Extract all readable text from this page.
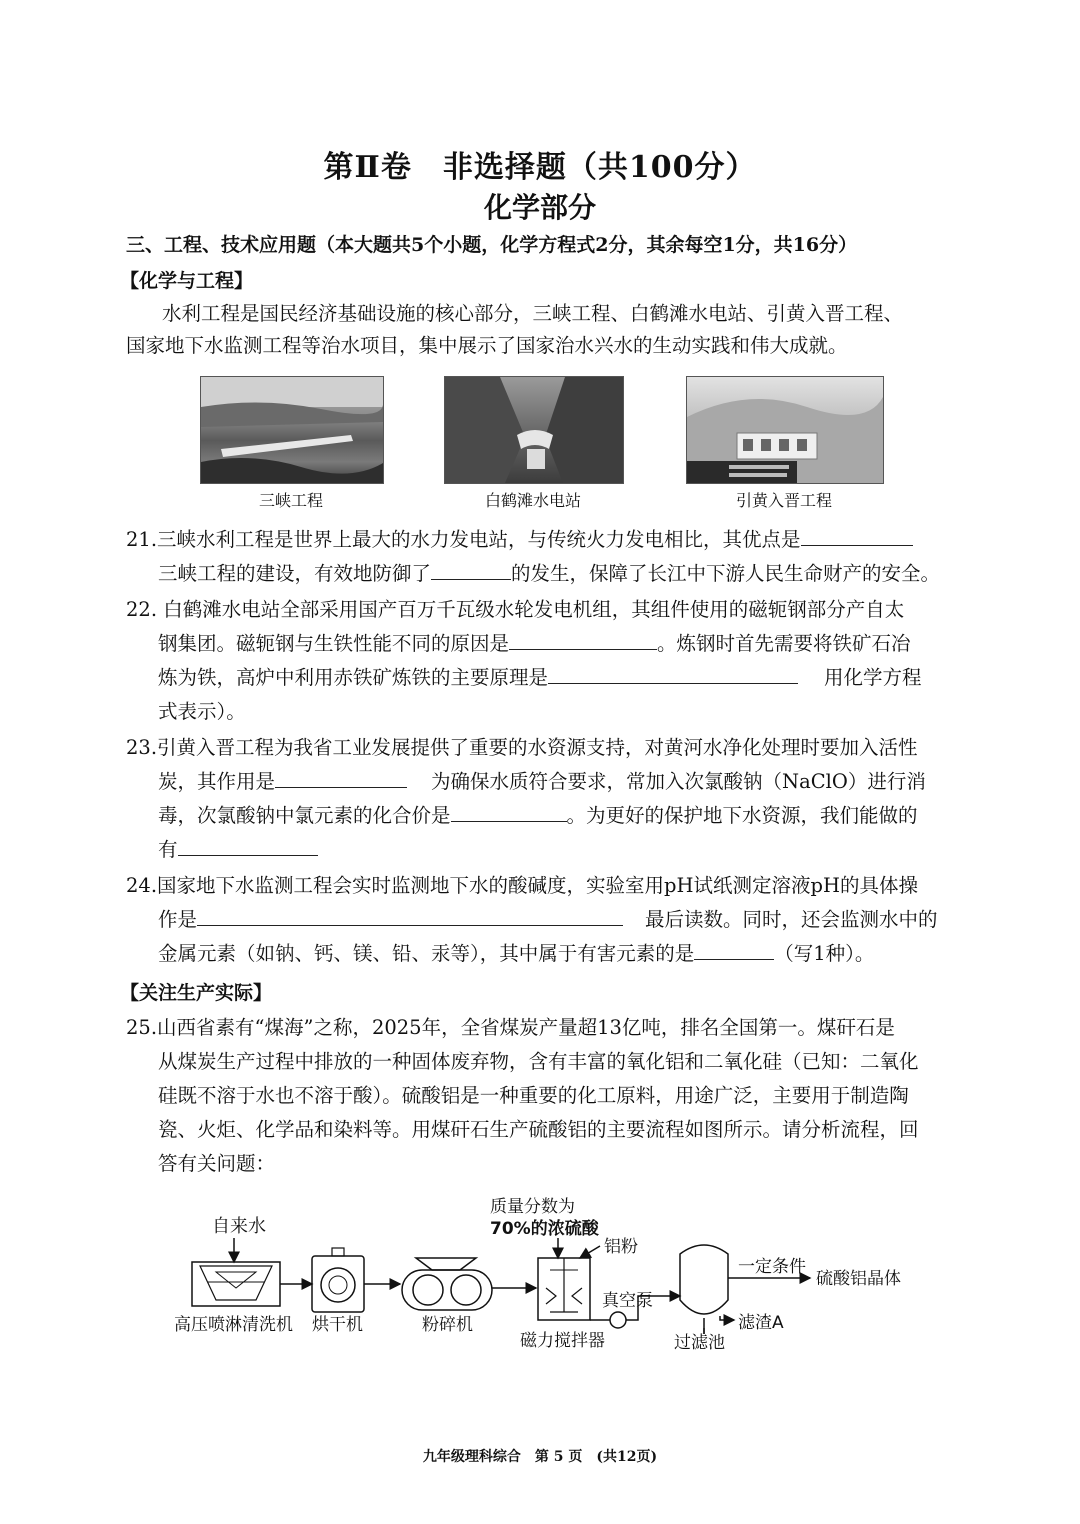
第Ⅱ卷　非选择题（共100分）
化学部分
三、工程、技术应用题（本大题共5个小题，化学方程式2分，其余每空1分，共16分）
【化学与工程】
水利工程是国民经济基础设施的核心部分，三峡工程、白鹤滩水电站、引黄入晋工程、
国家地下水监测工程等治水项目，集中展示了国家治水兴水的生动实践和伟大成就。
三峡工程	白鹤滩水电站	引黄入晋工程
21.三峡水利工程是世界上最大的水力发电站，与传统火力发电相比，其优点是
三峡工程的建设，有效地防御了	的发生，保障了长江中下游人民生命财产的安全。
22. 白鹤滩水电站全部采用国产百万千瓦级水轮发电机组，其组件使用的磁轭钢部分产自太
钢集团。磁轭钢与生铁性能不同的原因是	。炼钢时首先需要将铁矿石冶
炼为铁，高炉中利用赤铁矿炼铁的主要原理是	用化学方程
式表示）。
23.引黄入晋工程为我省工业发展提供了重要的水资源支持，对黄河水净化处理时要加入活性
炭，其作用是	为确保水质符合要求，常加入次氯酸钠（NaClO）进行消
毒，次氯酸钠中氯元素的化合价是	。为更好的保护地下水资源，我们能做的
有
24.国家地下水监测工程会实时监测地下水的酸碱度，实验室用pH试纸测定溶液pH的具体操
作是	最后读数。同时，还会监测水中的
金属元素（如钠、钙、镁、铅、汞等），其中属于有害元素的是	（写1种）。
【关注生产实际】
25.山西省素有“煤海”之称，2025年，全省煤炭产量超13亿吨，排名全国第一。煤矸石是
从煤炭生产过程中排放的一种固体废弃物，含有丰富的氧化铝和二氧化硅（已知：二氧化
硅既不溶于水也不溶于酸）。硫酸铝是一种重要的化工原料，用途广泛，主要用于制造陶
瓷、火炬、化学品和染料等。用煤矸石生产硫酸铝的主要流程如图所示。请分析流程，回
答有关问题：
自来水
高压喷淋清洗机 烘干机	粉碎机
质量分数为
70%的浓硫酸
铝粉
磁力搅拌器
真空泵
过滤池
一定条件
硫酸铝晶体
滤渣A
九年级理科综合　第 5 页　(共12页)
